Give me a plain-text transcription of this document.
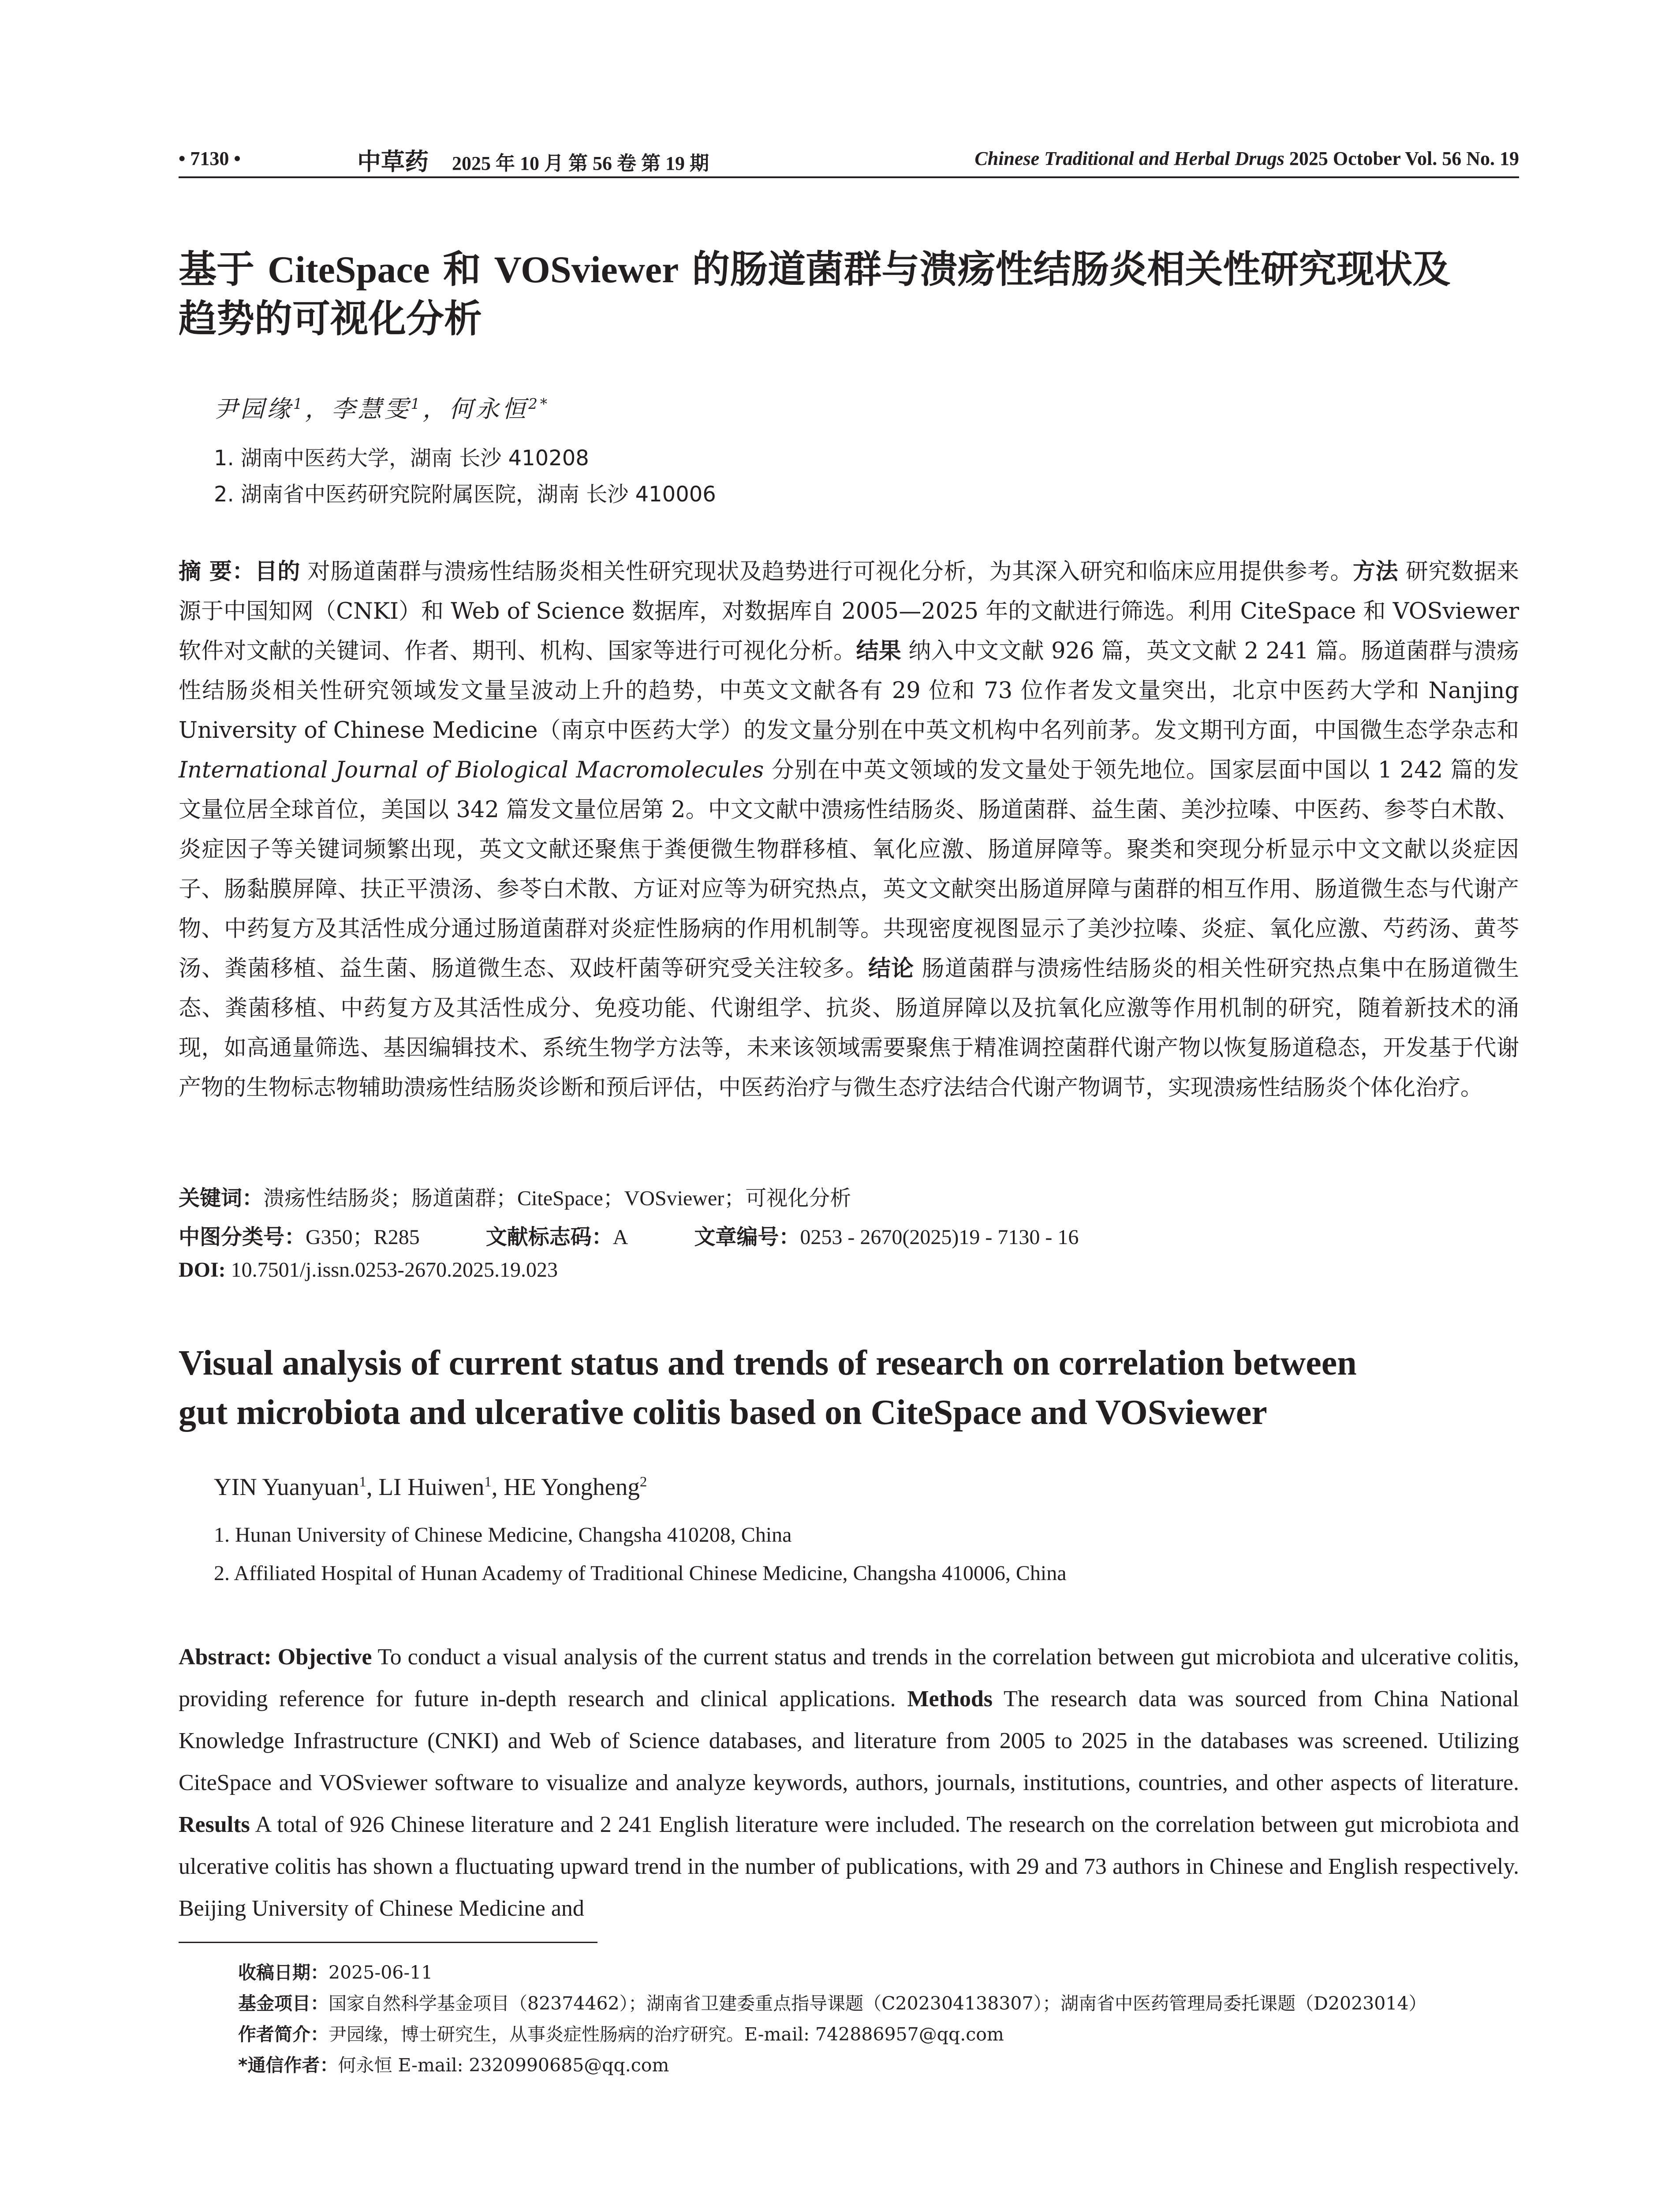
• 7130 •	中草药 2025 年 10 月 第 56 卷 第 19 期	Chinese Traditional and Herbal Drugs 2025 October Vol. 56 No. 19
基于 CiteSpace 和 VOSviewer 的肠道菌群与溃疡性结肠炎相关性研究现状及
趋势的可视化分析
尹园缘$^1$，李慧雯$^1$，何永恒$^{2*}$
1. 湖南中医药大学，湖南 长沙 410208
2. 湖南省中医药研究院附属医院，湖南 长沙 410006
摘 要：目的 对肠道菌群与溃疡性结肠炎相关性研究现状及趋势进行可视化分析，为其深入研究和临床应用提供参考。方法 研究数据来源于中国知网（CNKI）和 Web of Science 数据库，对数据库自 2005—2025 年的文献进行筛选。利用 CiteSpace 和 VOSviewer 软件对文献的关键词、作者、期刊、机构、国家等进行可视化分析。结果 纳入中文文献 926 篇，英文文献 2 241 篇。肠道菌群与溃疡性结肠炎相关性研究领域发文量呈波动上升的趋势，中英文文献各有 29 位和 73 位作者发文量突出，北京中医药大学和 Nanjing University of Chinese Medicine（南京中医药大学）的发文量分别在中英文机构中名列前茅。发文期刊方面，中国微生态学杂志和 International Journal of Biological Macromolecules 分别在中英文领域的发文量处于领先地位。国家层面中国以 1 242 篇的发文量位居全球首位，美国以 342 篇发文量位居第 2。中文文献中溃疡性结肠炎、肠道菌群、益生菌、美沙拉嗪、中医药、参苓白术散、炎症因子等关键词频繁出现，英文文献还聚焦于粪便微生物群移植、氧化应激、肠道屏障等。聚类和突现分析显示中文文献以炎症因子、肠黏膜屏障、扶正平溃汤、参苓白术散、方证对应等为研究热点，英文文献突出肠道屏障与菌群的相互作用、肠道微生态与代谢产物、中药复方及其活性成分通过肠道菌群对炎症性肠病的作用机制等。共现密度视图显示了美沙拉嗪、炎症、氧化应激、芍药汤、黄芩汤、粪菌移植、益生菌、肠道微生态、双歧杆菌等研究受关注较多。结论 肠道菌群与溃疡性结肠炎的相关性研究热点集中在肠道微生态、粪菌移植、中药复方及其活性成分、免疫功能、代谢组学、抗炎、肠道屏障以及抗氧化应激等作用机制的研究，随着新技术的涌现，如高通量筛选、基因编辑技术、系统生物学方法等，未来该领域需要聚焦于精准调控菌群代谢产物以恢复肠道稳态，开发基于代谢产物的生物标志物辅助溃疡性结肠炎诊断和预后评估，中医药治疗与微生态疗法结合代谢产物调节，实现溃疡性结肠炎个体化治疗。
关键词：溃疡性结肠炎；肠道菌群；CiteSpace；VOSviewer；可视化分析
中图分类号：G350；R285	文献标志码：A	文章编号：0253 - 2670(2025)19 - 7130 - 16
DOI: 10.7501/j.issn.0253-2670.2025.19.023
Visual analysis of current status and trends of research on correlation between
gut microbiota and ulcerative colitis based on CiteSpace and VOSviewer
YIN Yuanyuan$^1$, LI Huiwen$^1$, HE Yongheng$^2$
1. Hunan University of Chinese Medicine, Changsha 410208, China
2. Affiliated Hospital of Hunan Academy of Traditional Chinese Medicine, Changsha 410006, China
Abstract: Objective To conduct a visual analysis of the current status and trends in the correlation between gut microbiota and ulcerative colitis, providing reference for future in-depth research and clinical applications. Methods The research data was sourced from China National Knowledge Infrastructure (CNKI) and Web of Science databases, and literature from 2005 to 2025 in the databases was screened. Utilizing CiteSpace and VOSviewer software to visualize and analyze keywords, authors, journals, institutions, countries, and other aspects of literature. Results A total of 926 Chinese literature and 2 241 English literature were included. The research on the correlation between gut microbiota and ulcerative colitis has shown a fluctuating upward trend in the number of publications, with 29 and 73 authors in Chinese and English respectively. Beijing University of Chinese Medicine and
收稿日期：2025-06-11
基金项目：国家自然科学基金项目（82374462）；湖南省卫建委重点指导课题（C202304138307）；湖南省中医药管理局委托课题（D2023014）
作者简介：尹园缘，博士研究生，从事炎症性肠病的治疗研究。E-mail: 742886957@qq.com
*通信作者：何永恒 E-mail: 2320990685@qq.com
